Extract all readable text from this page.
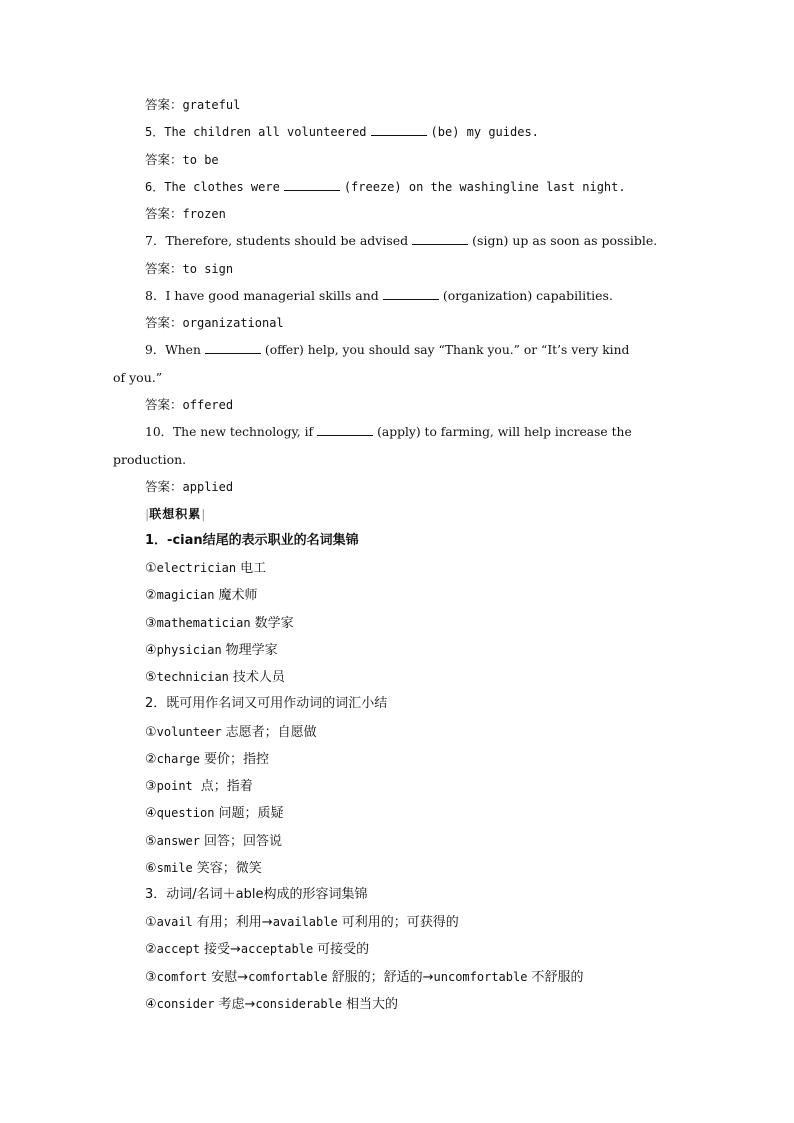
答案：grateful
5．The children all volunteered	(be) my guides.
答案：to be
6．The clothes were	(freeze) on the washingline last night.
答案：frozen
7．Therefore, students should be advised	(sign) up as soon as possible.
答案：to sign
8．I have good managerial skills and	(organization) capabilities.
答案：organizational
9．When	(offer) help, you should say “Thank you.” or “It’s very kind
of you.”
答案：offered
10．The new technology, if	(apply) to farming, will help increase the
production.
答案：applied
|联想积累|
1．-cian结尾的表示职业的名词集锦
①electrician 电工
②magician 魔术师
③mathematician 数学家
④physician 物理学家
⑤technician 技术人员
2．既可用作名词又可用作动词的词汇小结
①volunteer 志愿者；自愿做
②charge 要价；指控
③point 点；指着
④question 问题；质疑
⑤answer 回答；回答说
⑥smile 笑容；微笑
3．动词/名词＋able构成的形容词集锦
①avail 有用；利用→available 可利用的；可获得的
②accept 接受→acceptable 可接受的
③comfort 安慰→comfortable 舒服的；舒适的→uncomfortable 不舒服的
④consider 考虑→considerable 相当大的
